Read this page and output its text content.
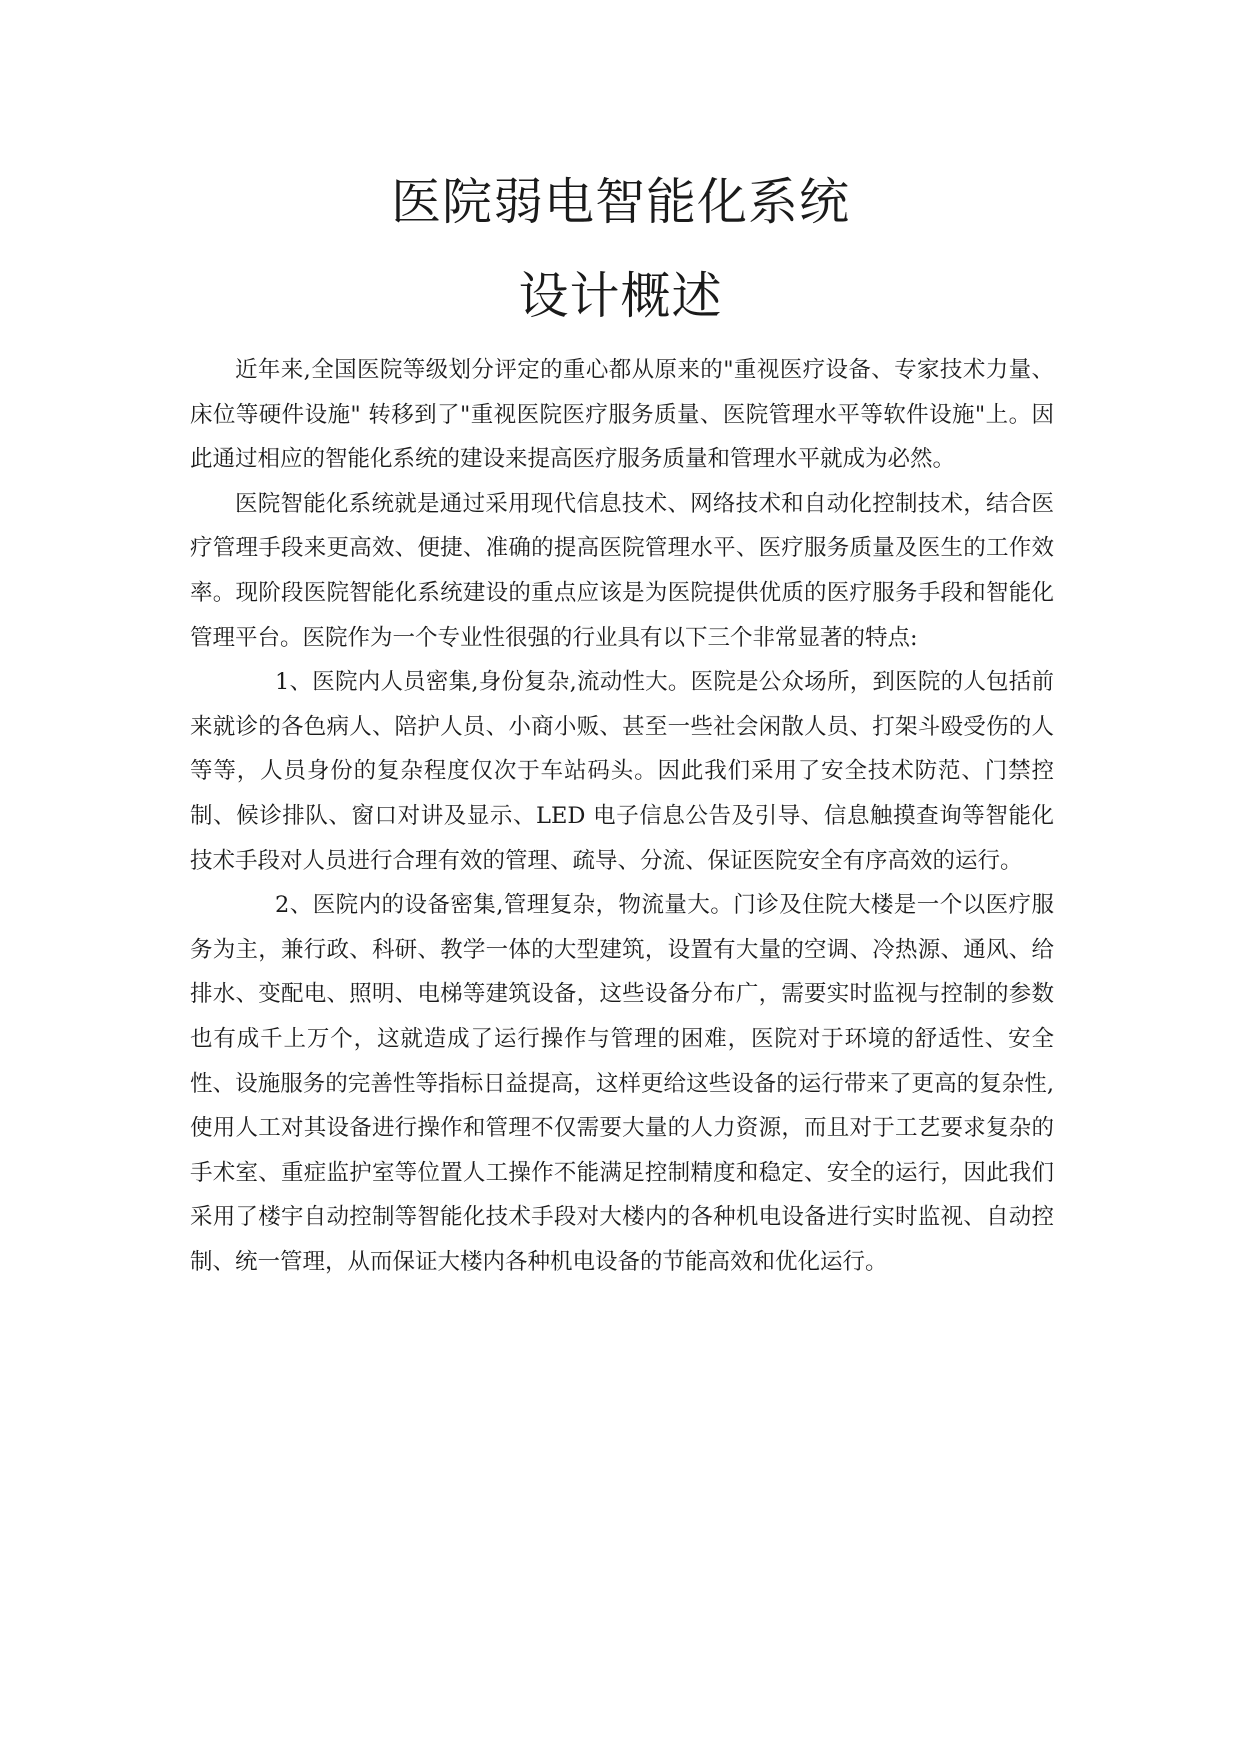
医院弱电智能化系统
设计概述

近年来,全国医院等级划分评定的重心都从原来的"重视医疗设备、专家技术力量、床位等硬件设施" 转移到了"重视医院医疗服务质量、医院管理水平等软件设施"上。因此通过相应的智能化系统的建设来提高医疗服务质量和管理水平就成为必然。

医院智能化系统就是通过采用现代信息技术、网络技术和自动化控制技术，结合医疗管理手段来更高效、便捷、准确的提高医院管理水平、医疗服务质量及医生的工作效率。现阶段医院智能化系统建设的重点应该是为医院提供优质的医疗服务手段和智能化管理平台。医院作为一个专业性很强的行业具有以下三个非常显著的特点:

1、医院内人员密集,身份复杂,流动性大。医院是公众场所，到医院的人包括前来就诊的各色病人、陪护人员、小商小贩、甚至一些社会闲散人员、打架斗殴受伤的人等等，人员身份的复杂程度仅次于车站码头。因此我们采用了安全技术防范、门禁控制、候诊排队、窗口对讲及显示、LED 电子信息公告及引导、信息触摸查询等智能化技术手段对人员进行合理有效的管理、疏导、分流、保证医院安全有序高效的运行。

2、医院内的设备密集,管理复杂，物流量大。门诊及住院大楼是一个以医疗服务为主，兼行政、科研、教学一体的大型建筑，设置有大量的空调、冷热源、通风、给排水、变配电、照明、电梯等建筑设备，这些设备分布广，需要实时监视与控制的参数也有成千上万个，这就造成了运行操作与管理的困难，医院对于环境的舒适性、安全性、设施服务的完善性等指标日益提高，这样更给这些设备的运行带来了更高的复杂性,使用人工对其设备进行操作和管理不仅需要大量的人力资源，而且对于工艺要求复杂的手术室、重症监护室等位置人工操作不能满足控制精度和稳定、安全的运行，因此我们采用了楼宇自动控制等智能化技术手段对大楼内的各种机电设备进行实时监视、自动控制、统一管理，从而保证大楼内各种机电设备的节能高效和优化运行。
